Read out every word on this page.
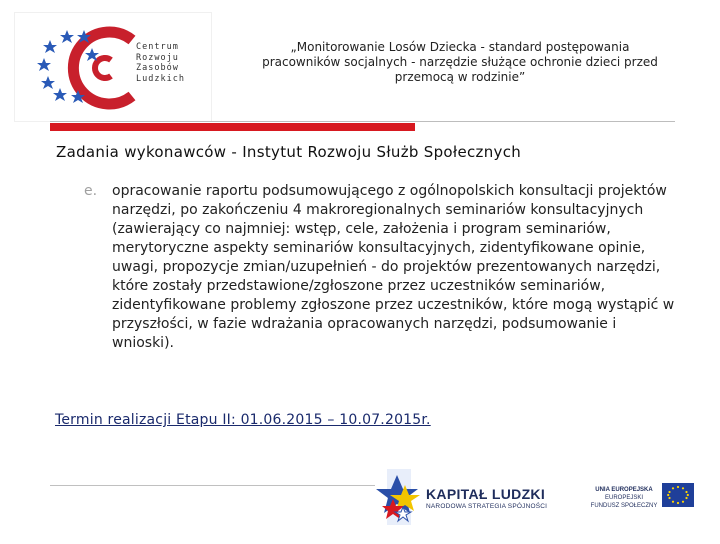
Centrum
Rozwoju
Zasobów
Ludzkich
„Monitorowanie Losów Dziecka - standard postępowania pracowników socjalnych - narzędzie służące ochronie dzieci przed przemocą w rodzinie”
Zadania wykonawców - Instytut Rozwoju Służb Społecznych
e. opracowanie raportu podsumowującego z ogólnopolskich konsultacji projektów narzędzi, po zakończeniu 4 makroregionalnych seminariów konsultacyjnych

(zawierający co najmniej: wstęp, cele, założenia i program seminariów, merytoryczne aspekty seminariów konsultacyjnych, zidentyfikowane opinie, uwagi, propozycje zmian/uzupełnień - do projektów prezentowanych narzędzi, które zostały przedstawione/zgłoszone przez uczestników seminariów, zidentyfikowane problemy zgłoszone przez uczestników, które mogą wystąpić w przyszłości, w fazie wdrażania opracowanych narzędzi, podsumowanie i wnioski).

Termin realizacji Etapu II: 01.06.2015 – 10.07.2015r.
KAPITAŁ LUDZKI
NARODOWA STRATEGIA SPÓJNOŚCI
UNIA EUROPEJSKA
EUROPEJSKI
FUNDUSZ SPOŁECZNY
